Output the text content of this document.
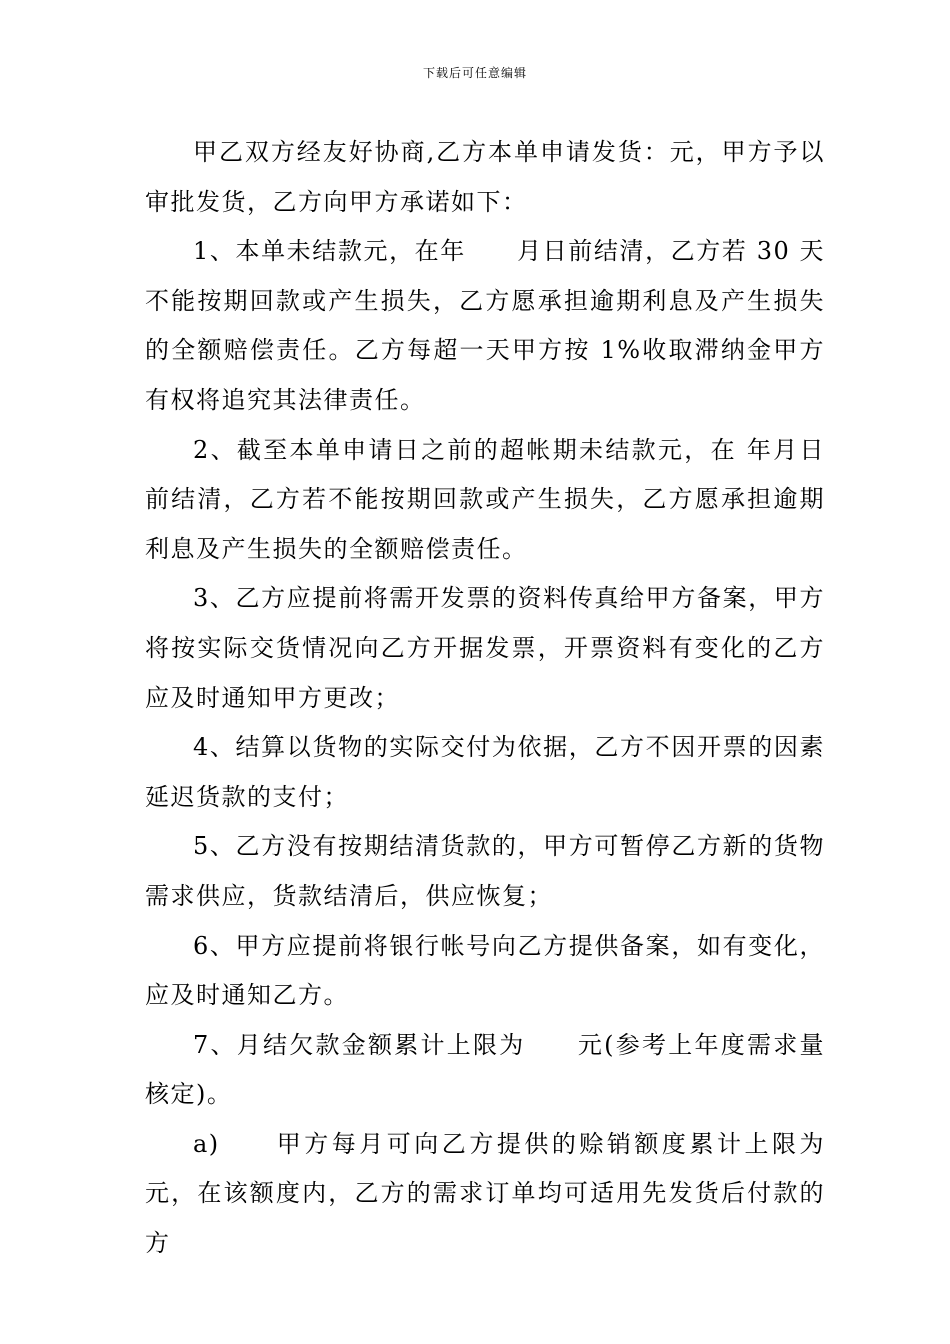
下载后可任意编辑

甲乙双方经友好协商,乙方本单申请发货：元，甲方予以审批发货，乙方向甲方承诺如下：

1、本单未结款元，在年　　月日前结清，乙方若 30 天不能按期回款或产生损失，乙方愿承担逾期利息及产生损失的全额赔偿责任。乙方每超一天甲方按 1%收取滞纳金甲方有权将追究其法律责任。

2、截至本单申请日之前的超帐期未结款元，在 年月日前结清，乙方若不能按期回款或产生损失，乙方愿承担逾期利息及产生损失的全额赔偿责任。

3、乙方应提前将需开发票的资料传真给甲方备案，甲方将按实际交货情况向乙方开据发票，开票资料有变化的乙方应及时通知甲方更改；

4、结算以货物的实际交付为依据，乙方不因开票的因素延迟货款的支付；

5、乙方没有按期结清货款的，甲方可暂停乙方新的货物需求供应，货款结清后，供应恢复；

6、甲方应提前将银行帐号向乙方提供备案，如有变化，应及时通知乙方。

7、月结欠款金额累计上限为　　元(参考上年度需求量核定)。

a)　　甲方每月可向乙方提供的赊销额度累计上限为元，在该额度内，乙方的需求订单均可适用先发货后付款的方
